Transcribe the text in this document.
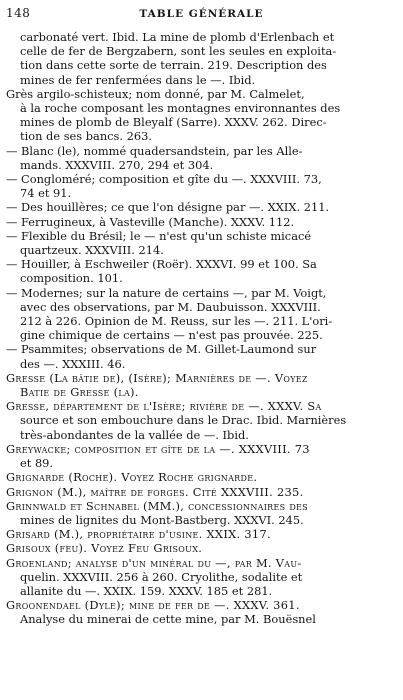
148	TABLE GÉNÉRALE
carbonaté vert. Ibid. La mine de plomb d'Erlenbach et
celle de fer de Bergzabern, sont les seules en exploita-
tion dans cette sorte de terrain. 219. Description des
mines de fer renfermées dans le —. Ibid.
Grès argilo-schisteux; nom donné, par M. Calmelet,
à la roche composant les montagnes environnantes des
mines de plomb de Bleyalf (Sarre). XXXV. 262. Direc-
tion de ses bancs. 263.
— Blanc (le), nommé quadersandstein, par les Alle-
mands. XXXVIII. 270, 294 et 304.
— Congloméré; composition et gîte du —. XXXVIII. 73,
74 et 91.
— Des houillères; ce que l'on désigne par —. XXIX. 211.
— Ferrugineux, à Vasteville (Manche). XXXV. 112.
— Flexible du Brésil; le — n'est qu'un schiste micacé
quartzeux. XXXVIII. 214.
— Houiller, à Eschweiler (Roër). XXXVI. 99 et 100. Sa
composition. 101.
— Modernes; sur la nature de certains —, par M. Voigt,
avec des observations, par M. Daubuisson. XXXVIII.
212 à 226. Opinion de M. Reuss, sur les —. 211. L'ori-
gine chimique de certains — n'est pas prouvée. 225.
— Psammites; observations de M. Gillet-Laumond sur
des —. XXXIII. 46.
Gresse (La bâtie de), (Isère); Marnières de —. Voyez
Batie de Gresse (la).
Gresse, département de l'Isère; rivière de —. XXXV. Sa
source et son embouchure dans le Drac. Ibid. Marnières
très-abondantes de la vallée de —. Ibid.
Greywacke; composition et gîte de la —. XXXVIII. 73
et 89.
Grignarde (Roche). Voyez Roche grignarde.
Grignon (M.), maître de forges. Cité XXXVIII. 235.
Grinnwald et Schnabel (MM.), concessionnaires des
mines de lignites du Mont-Bastberg. XXXVI. 245.
Grisard (M.), propriétaire d'usine. XXIX. 317.
Grisoux (feu). Voyez Feu Grisoux.
Groenland; analyse d'un minéral du —, par M. Vau-
quelin. XXXVIII. 256 à 260. Cryolithe, sodalite et
allanite du —. XXIX. 159. XXXV. 185 et 281.
Groonendael (Dyle); mine de fer de —. XXXV. 361.
Analyse du minerai de cette mine, par M. Bouësnel
